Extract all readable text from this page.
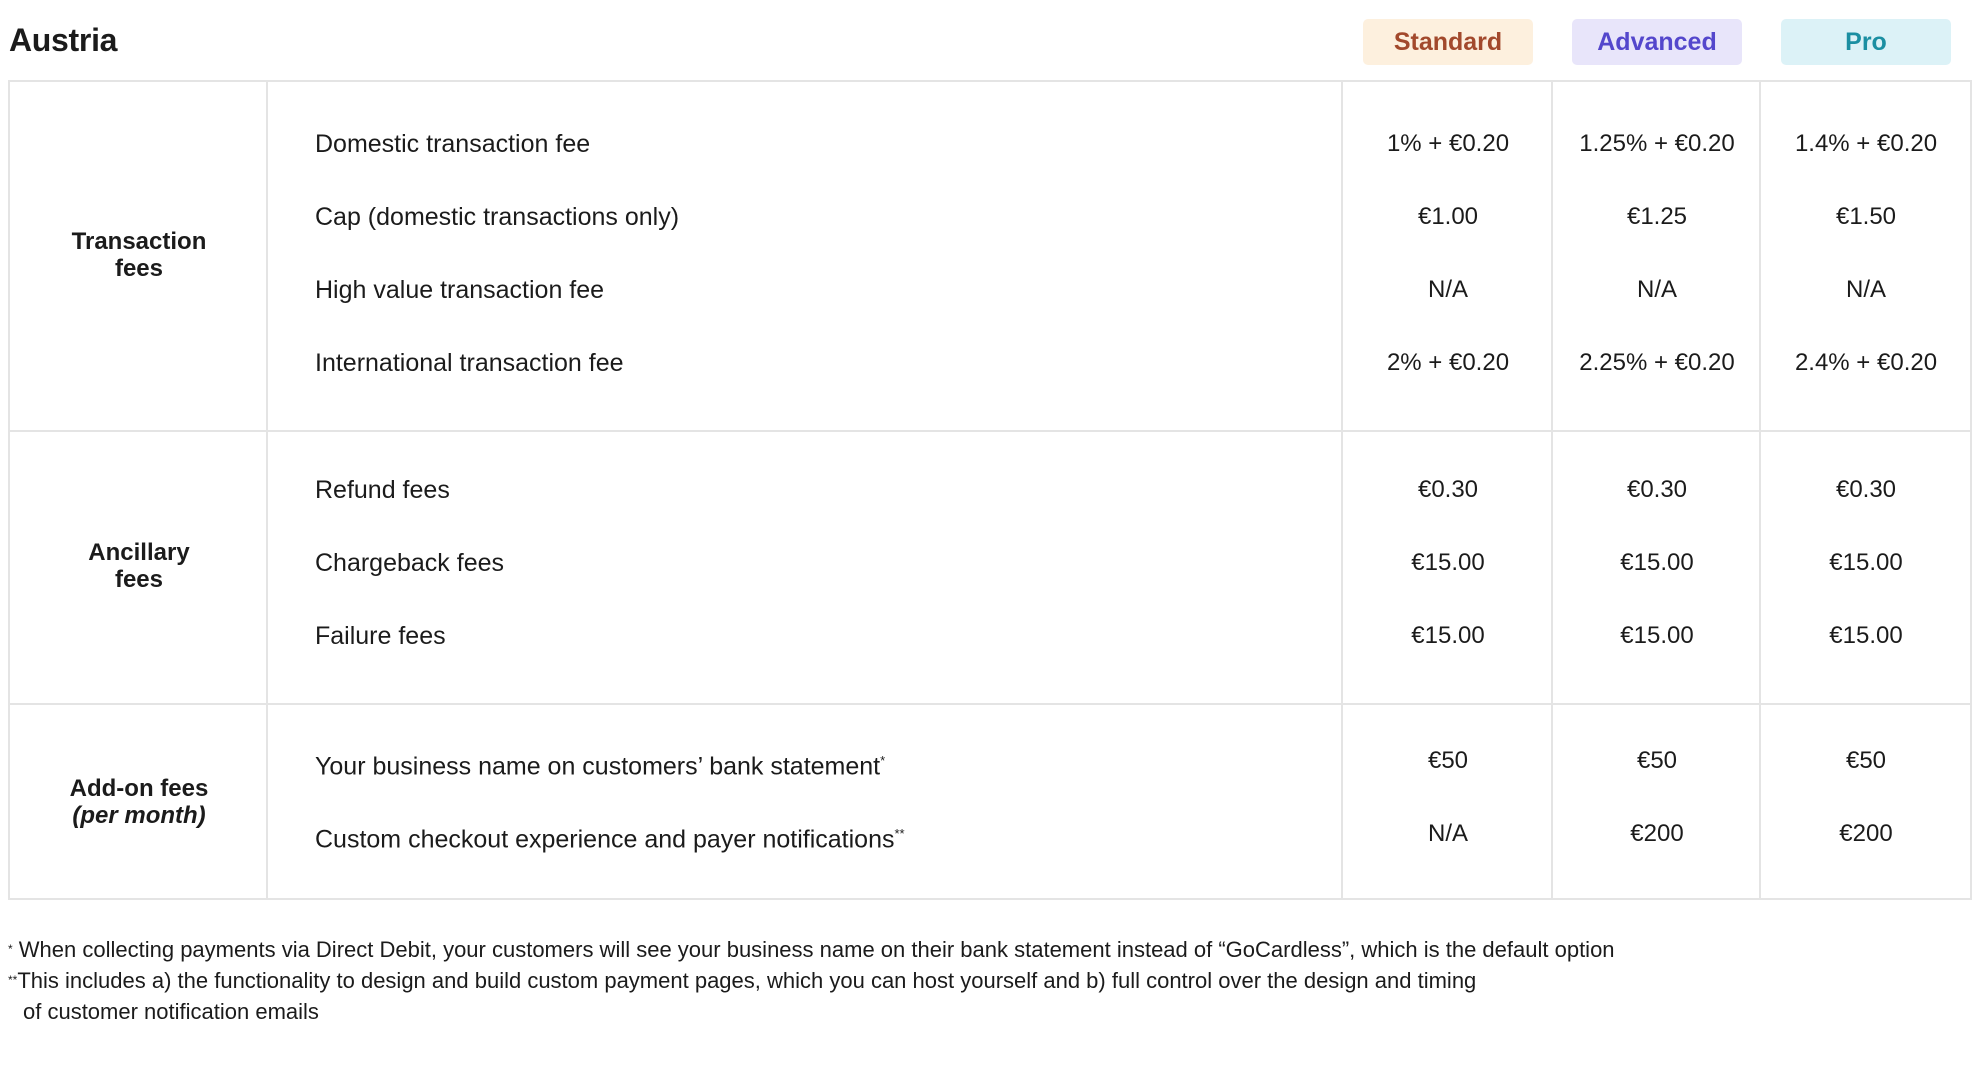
Austria	Standard	Advanced	Pro
Transaction
fees
Domestic transaction fee	1% + €0.20	1.25% + €0.20	1.4% + €0.20
Cap (domestic transactions only)	€1.00	€1.25	€1.50
High value transaction fee	N/A	N/A	N/A
International transaction fee	2% + €0.20	2.25% + €0.20	2.4% + €0.20
Ancillary
fees
Refund fees	€0.30	€0.30	€0.30
Chargeback fees	€15.00	€15.00	€15.00
Failure fees	€15.00	€15.00	€15.00
Add-on fees
(per month)
Your business name on customers’ bank statement*	€50	€50	€50
Custom checkout experience and payer notifications**	N/A	€200	€200
* When collecting payments via Direct Debit, your customers will see your business name on their bank statement instead of “GoCardless”, which is the default option
**This includes a) the functionality to design and build custom payment pages, which you can host yourself and b) full control over the design and timing
of customer notification emails
